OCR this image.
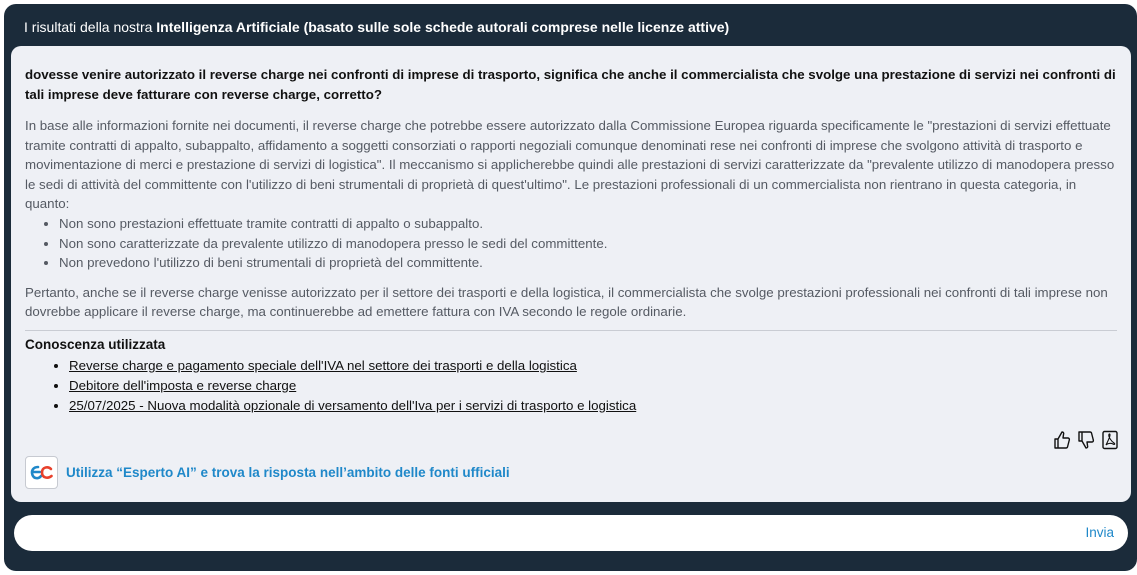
I risultati della nostra Intelligenza Artificiale (basato sulle sole schede autorali comprese nelle licenze attive)
dovesse venire autorizzato il reverse charge nei confronti di imprese di trasporto, significa che anche il commercialista che svolge una prestazione di servizi nei confronti di tali imprese deve fatturare con reverse charge, corretto?

In base alle informazioni fornite nei documenti, il reverse charge che potrebbe essere autorizzato dalla Commissione Europea riguarda specificamente le "prestazioni di servizi effettuate tramite contratti di appalto, subappalto, affidamento a soggetti consorziati o rapporti negoziali comunque denominati rese nei confronti di imprese che svolgono attività di trasporto e movimentazione di merci e prestazione di servizi di logistica". Il meccanismo si applicherebbe quindi alle prestazioni di servizi caratterizzate da "prevalente utilizzo di manodopera presso le sedi di attività del committente con l'utilizzo di beni strumentali di proprietà di quest'ultimo". Le prestazioni professionali di un commercialista non rientrano in questa categoria, in quanto:

• Non sono prestazioni effettuate tramite contratti di appalto o subappalto.
• Non sono caratterizzate da prevalente utilizzo di manodopera presso le sedi del committente.
• Non prevedono l'utilizzo di beni strumentali di proprietà del committente.

Pertanto, anche se il reverse charge venisse autorizzato per il settore dei trasporti e della logistica, il commercialista che svolge prestazioni professionali nei confronti di tali imprese non dovrebbe applicare il reverse charge, ma continuerebbe ad emettere fattura con IVA secondo le regole ordinarie.

Conoscenza utilizzata
• Reverse charge e pagamento speciale dell'IVA nel settore dei trasporti e della logistica
• Debitore dell'imposta e reverse charge
• 25/07/2025 - Nuova modalità opzionale di versamento dell'Iva per i servizi di trasporto e logistica
Utilizza “Esperto AI” e trova la risposta nell’ambito delle fonti ufficiali
Invia
